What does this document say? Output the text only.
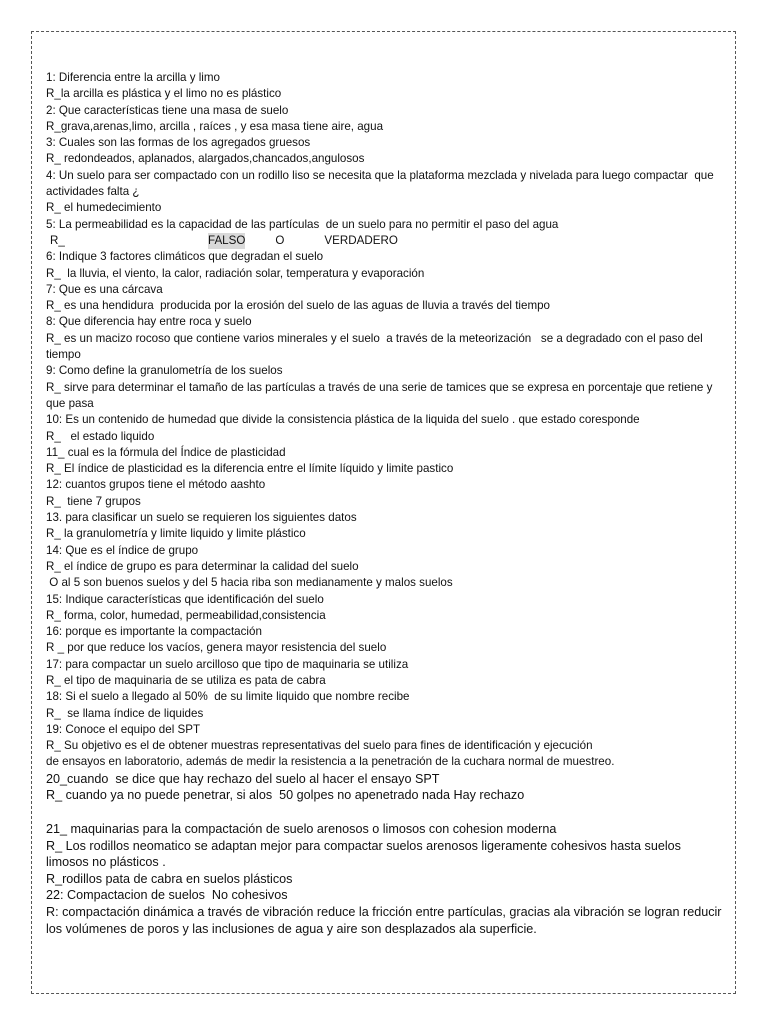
1: Diferencia entre la arcilla y limo

R_la arcilla es plástica y el limo no es plástico

2: Que características tiene una masa de suelo

R_grava,arenas,limo, arcilla , raíces , y esa masa tiene aire, agua

3: Cuales son las formas de los agregados gruesos

R_ redondeados, aplanados, alargados,chancados,angulosos

4: Un suelo para ser compactado con un rodillo liso se necesita que la plataforma mezclada y nivelada para luego compactar  que   actividades falta ¿

R_ el humedecimiento

5: La permeabilidad es la capacidad de las partículas  de un suelo para no permitir el paso del agua

R_	FALSO	O	VERDADERO

6: Indique 3 factores climáticos que degradan el suelo

R_  la lluvia, el viento, la calor, radiación solar, temperatura y evaporación

7: Que es una cárcava

R_ es una hendidura  producida por la erosión del suelo de las aguas de lluvia a través del tiempo

8: Que diferencia hay entre roca y suelo

R_ es un macizo rocoso que contiene varios minerales y el suelo  a través de la meteorización   se a degradado con el paso del tiempo

9: Como define la granulometría de los suelos

R_ sirve para determinar el tamaño de las partículas a través de una serie de tamices que se expresa en porcentaje que retiene y que pasa

10: Es un contenido de humedad que divide la consistencia plástica de la liquida del suelo . que estado coresponde

R_   el estado liquido

11_ cual es la fórmula del Índice de plasticidad

R_ El índice de plasticidad es la diferencia entre el límite líquido y limite pastico

12: cuantos grupos tiene el método aashto

R_  tiene 7 grupos

13. para clasificar un suelo se requieren los siguientes datos

R_ la granulometría y limite liquido y limite plástico

14: Que es el índice de grupo

R_ el índice de grupo es para determinar la calidad del suelo

O al 5 son buenos suelos y del 5 hacia riba son medianamente y malos suelos

15: Indique características que identificación del suelo

R_ forma, color, humedad, permeabilidad,consistencia

16: porque es importante la compactación

R _ por que reduce los vacíos, genera mayor resistencia del suelo

17: para compactar un suelo arcilloso que tipo de maquinaria se utiliza

R_ el tipo de maquinaria de se utiliza es pata de cabra

18: Si el suelo a llegado al 50%  de su limite liquido que nombre recibe

R_  se llama índice de liquides

19: Conoce el equipo del SPT

R_ Su objetivo es el de obtener muestras representativas del suelo para fines de identificación y ejecución

de ensayos en laboratorio, además de medir la resistencia a la penetración de la cuchara normal de muestreo.

20_cuando  se dice que hay rechazo del suelo al hacer el ensayo SPT

R_ cuando ya no puede penetrar, si alos  50 golpes no apenetrado nada Hay rechazo

21_ maquinarias para la compactación de suelo arenosos o limosos con cohesion moderna

R_ Los rodillos neomatico se adaptan mejor para compactar suelos arenosos ligeramente cohesivos hasta suelos limosos no plásticos .

R_rodillos pata de cabra en suelos plásticos

22: Compactacion de suelos  No cohesivos

R: compactación dinámica a través de vibración reduce la fricción entre partículas, gracias ala vibración se logran reducir los volúmenes de poros y las inclusiones de agua y aire son desplazados ala superficie.
